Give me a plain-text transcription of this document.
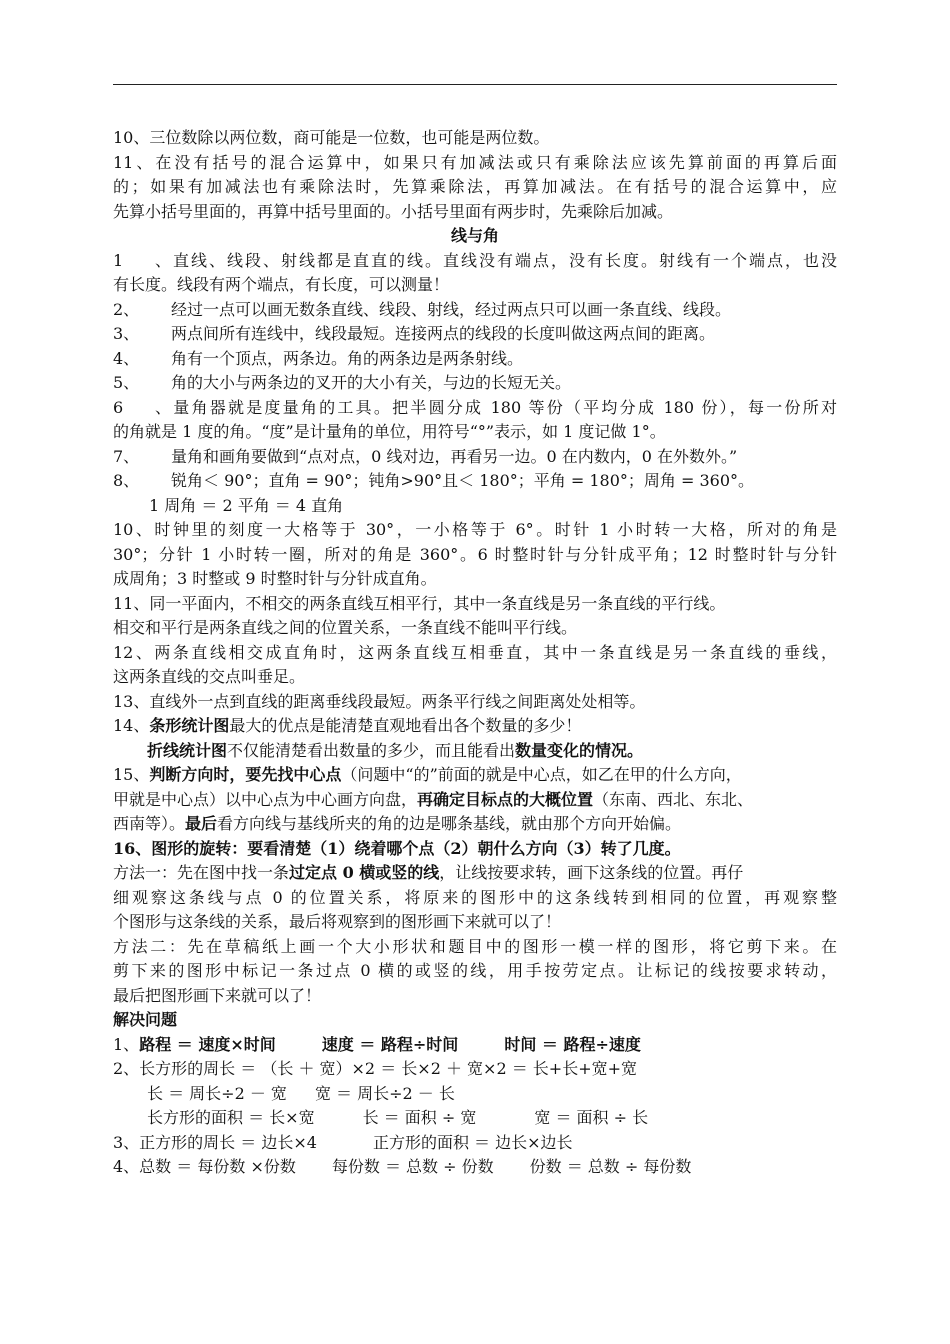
10、三位数除以两位数，商可能是一位数，也可能是两位数。
11、在没有括号的混合运算中，如果只有加减法或只有乘除法应该先算前面的再算后面
的；如果有加减法也有乘除法时，先算乘除法，再算加减法。在有括号的混合运算中，应
先算小括号里面的，再算中括号里面的。小括号里面有两步时，先乘除后加减。
线与角
1、直线、线段、射线都是直直的线。直线没有端点，没有长度。射线有一个端点，也没
有长度。线段有两个端点，有长度，可以测量！
2、 经过一点可以画无数条直线、线段、射线，经过两点只可以画一条直线、线段。
3、 两点间所有连线中，线段最短。连接两点的线段的长度叫做这两点间的距离。
4、 角有一个顶点，两条边。角的两条边是两条射线。
5、 角的大小与两条边的叉开的大小有关，与边的长短无关。
6、量角器就是度量角的工具。把半圆分成 180 等份（平均分成 180 份），每一份所对
的角就是 1 度的角。“度”是计量角的单位，用符号“°”表示，如 1 度记做 1°。
7、 量角和画角要做到“点对点，0 线对边，再看另一边。0 在内数内，0 在外数外。”
8、 锐角＜ 90°；直角 = 90°；钝角>90°且＜ 180°；平角 = 180°；周角 = 360°。
1 周角 ＝ 2 平角 ＝ 4 直角
10、时钟里的刻度一大格等于 30°，一小格等于 6°。时针 1 小时转一大格，所对的角是
30°；分针 1 小时转一圈，所对的角是 360°。6 时整时针与分针成平角；12 时整时针与分针
成周角；3 时整或 9 时整时针与分针成直角。
11、同一平面内，不相交的两条直线互相平行，其中一条直线是另一条直线的平行线。
相交和平行是两条直线之间的位置关系，一条直线不能叫平行线。
12、两条直线相交成直角时，这两条直线互相垂直，其中一条直线是另一条直线的垂线，
这两条直线的交点叫垂足。
13、直线外一点到直线的距离垂线段最短。两条平行线之间距离处处相等。
14、条形统计图最大的优点是能清楚直观地看出各个数量的多少！
折线统计图不仅能清楚看出数量的多少，而且能看出数量变化的情况。
15、判断方向时，要先找中心点（问题中“的”前面的就是中心点，如乙在甲的什么方向，
甲就是中心点）以中心点为中心画方向盘，再确定目标点的大概位置（东南、西北、东北、
西南等）。最后看方向线与基线所夹的角的边是哪条基线，就由那个方向开始偏。
16、图形的旋转：要看清楚（1）绕着哪个点（2）朝什么方向（3）转了几度。
方法一：先在图中找一条过定点 0 横或竖的线，让线按要求转，画下这条线的位置。再仔
细观察这条线与点 0 的位置关系，将原来的图形中的这条线转到相同的位置，再观察整
个图形与这条线的关系，最后将观察到的图形画下来就可以了！
方法二：先在草稿纸上画一个大小形状和题目中的图形一模一样的图形，将它剪下来。在
剪下来的图形中标记一条过点 0 横的或竖的线，用手按劳定点。让标记的线按要求转动，
最后把图形画下来就可以了！
解决问题
1、路程 ＝ 速度×时间	速度 ＝ 路程÷时间	时间 ＝ 路程÷速度
2、长方形的周长 ＝ （长 ＋ 宽）×2 ＝ 长×2 ＋ 宽×2 ＝ 长+长+宽+宽
长 ＝ 周长÷2 － 宽 宽 ＝ 周长÷2 － 长
长方形的面积 ＝ 长×宽	长 ＝ 面积 ÷ 宽	宽 ＝ 面积 ÷ 长
3、正方形的周长 ＝ 边长×4	正方形的面积 ＝ 边长×边长
4、总数 ＝ 每份数 ×份数 每份数 ＝ 总数 ÷ 份数 份数 ＝ 总数 ÷ 每份数
